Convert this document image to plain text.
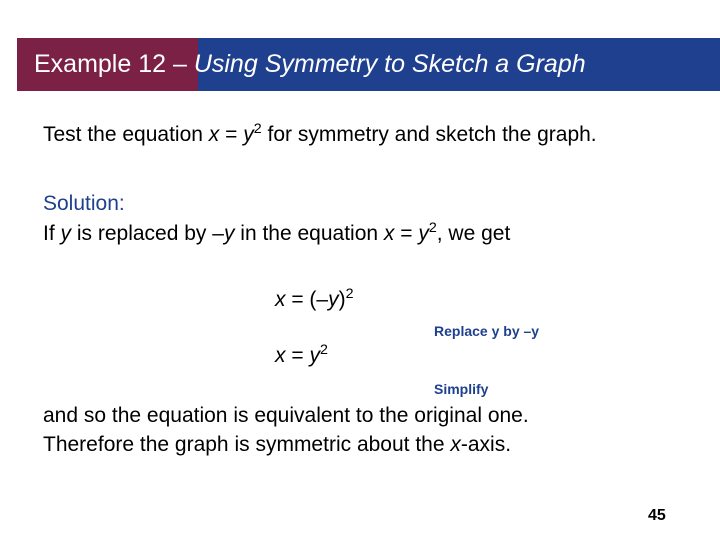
Example 12 – Using Symmetry to Sketch a Graph
Test the equation $x = y^2$ for symmetry and sketch the graph.
Solution:
If y is replaced by –y in the equation $x = y^2$, we get
$x = (-y)^2$
Replace y by –y
$x = y^2$
Simplify
and so the equation is equivalent to the original one.
Therefore the graph is symmetric about the x-axis.
45
